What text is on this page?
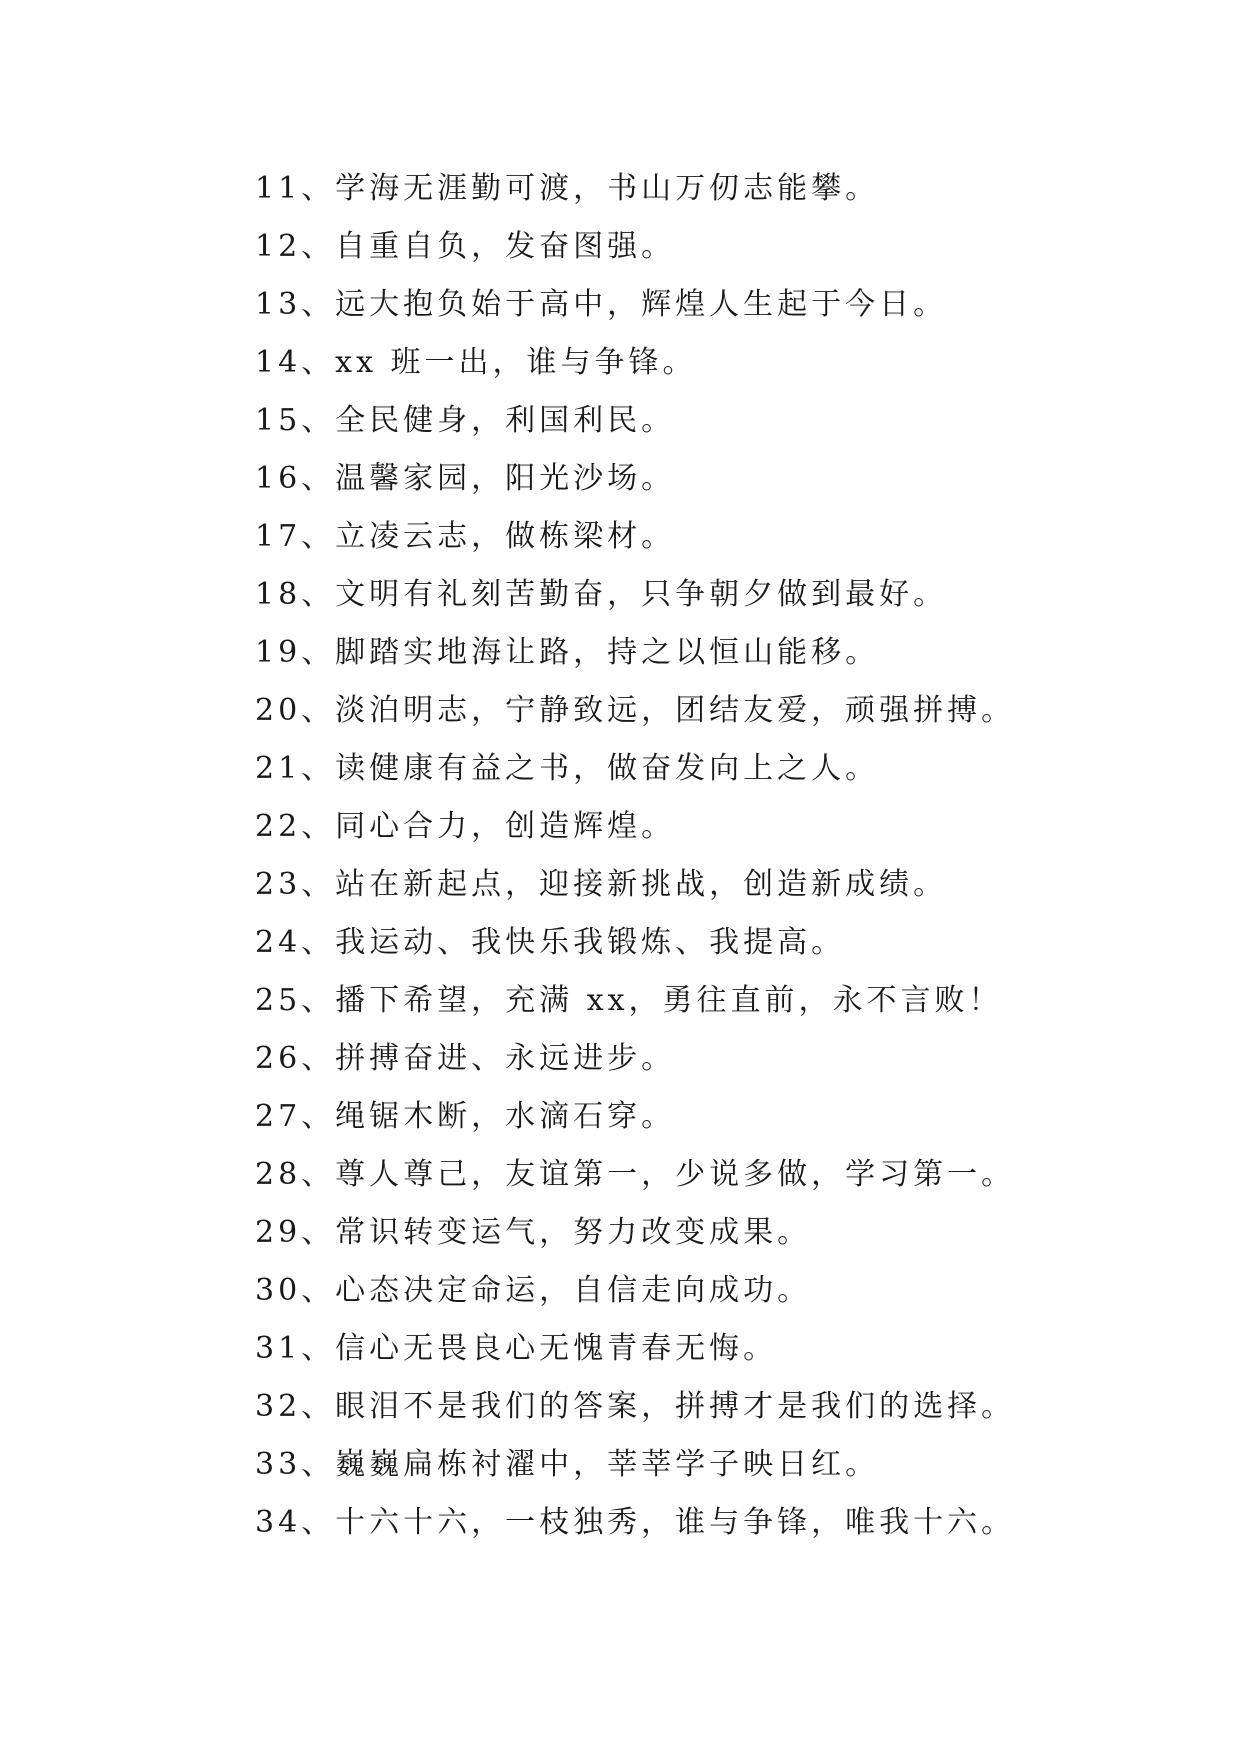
11、学海无涯勤可渡，书山万仞志能攀。
12、自重自负，发奋图强。
13、远大抱负始于高中，辉煌人生起于今日。
14、xx 班一出，谁与争锋。
15、全民健身，利国利民。
16、温馨家园，阳光沙场。
17、立凌云志，做栋梁材。
18、文明有礼刻苦勤奋，只争朝夕做到最好。
19、脚踏实地海让路，持之以恒山能移。
20、淡泊明志，宁静致远，团结友爱，顽强拼搏。
21、读健康有益之书，做奋发向上之人。
22、同心合力，创造辉煌。
23、站在新起点，迎接新挑战，创造新成绩。
24、我运动、我快乐我锻炼、我提高。
25、播下希望，充满 xx，勇往直前，永不言败！
26、拼搏奋进、永远进步。
27、绳锯木断，水滴石穿。
28、尊人尊己，友谊第一，少说多做，学习第一。
29、常识转变运气，努力改变成果。
30、心态决定命运，自信走向成功。
31、信心无畏良心无愧青春无悔。
32、眼泪不是我们的答案，拼搏才是我们的选择。
33、巍巍扁栋衬濯中，莘莘学子映日红。
34、十六十六，一枝独秀，谁与争锋，唯我十六。
